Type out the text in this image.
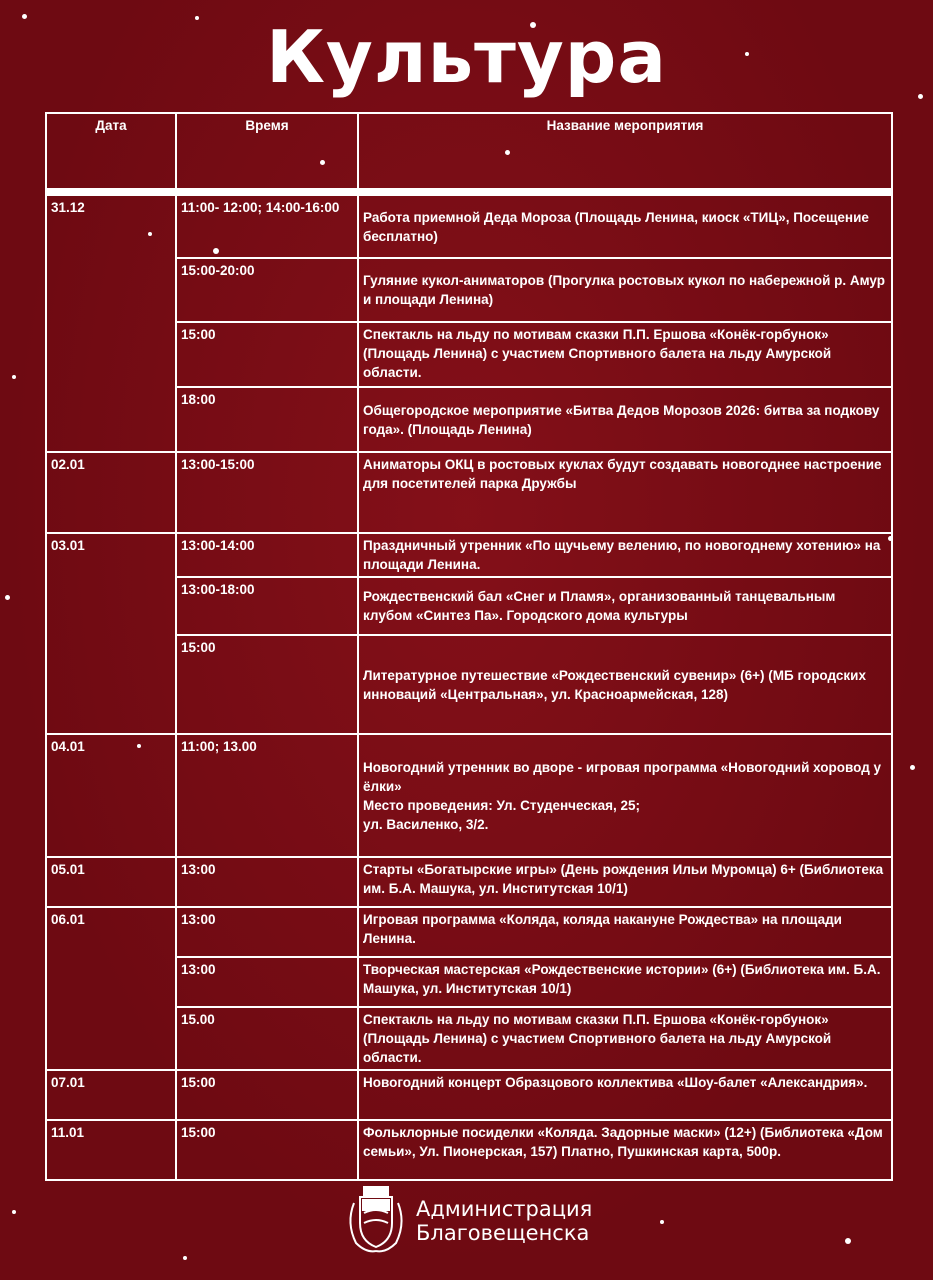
Культура
Дата	Время	Название мероприятия

31.12	11:00- 12:00; 14:00-16:00	Работа приемной Деда Мороза (Площадь Ленина, киоск «ТИЦ», Посещение бесплатно)
	15:00-20:00	Гуляние кукол-аниматоров (Прогулка ростовых кукол по набережной р. Амур и площади Ленина)
	15:00	Спектакль на льду по мотивам сказки П.П. Ершова «Конёк-горбунок» (Площадь Ленина) с участием Спортивного балета на льду Амурской области.
	18:00	Общегородское мероприятие «Битва Дедов Морозов 2026: битва за подкову года». (Площадь Ленина)
02.01	13:00-15:00	Аниматоры ОКЦ в ростовых куклах будут создавать новогоднее настроение для посетителей парка Дружбы
03.01	13:00-14:00	Праздничный утренник «По щучьему велению, по новогоднему хотению» на площади Ленина.
	13:00-18:00	Рождественский бал «Снег и Пламя», организованный танцевальным клубом «Синтез Па». Городского дома культуры
	15:00	Литературное путешествие «Рождественский сувенир» (6+) (МБ городских инноваций «Центральная», ул. Красноармейская, 128)
04.01	11:00; 13.00	Новогодний утренник во дворе - игровая программа «Новогодний хоровод у ёлки»
Место проведения: Ул. Студенческая, 25;
ул. Василенко, 3/2.

05.01	13:00	Старты «Богатырские игры» (День рождения Ильи Муромца) 6+ (Библиотека им. Б.А. Машука, ул. Институтская 10/1)
06.01	13:00	Игровая программа «Коляда, коляда накануне Рождества» на площади Ленина.
	13:00	Творческая мастерская «Рождественские истории» (6+) (Библиотека им. Б.А. Машука, ул. Институтская 10/1)
	15.00	Спектакль на льду по мотивам сказки П.П. Ершова «Конёк-горбунок» (Площадь Ленина) с участием Спортивного балета на льду Амурской области.
07.01	15:00	Новогодний концерт Образцового коллектива «Шоу-балет «Александрия».
11.01	15:00	Фольклорные посиделки «Коляда. Задорные маски» (12+) (Библиотека «Дом семьи», Ул. Пионерская, 157) Платно, Пушкинская карта, 500р.
Администрация
Благовещенска
